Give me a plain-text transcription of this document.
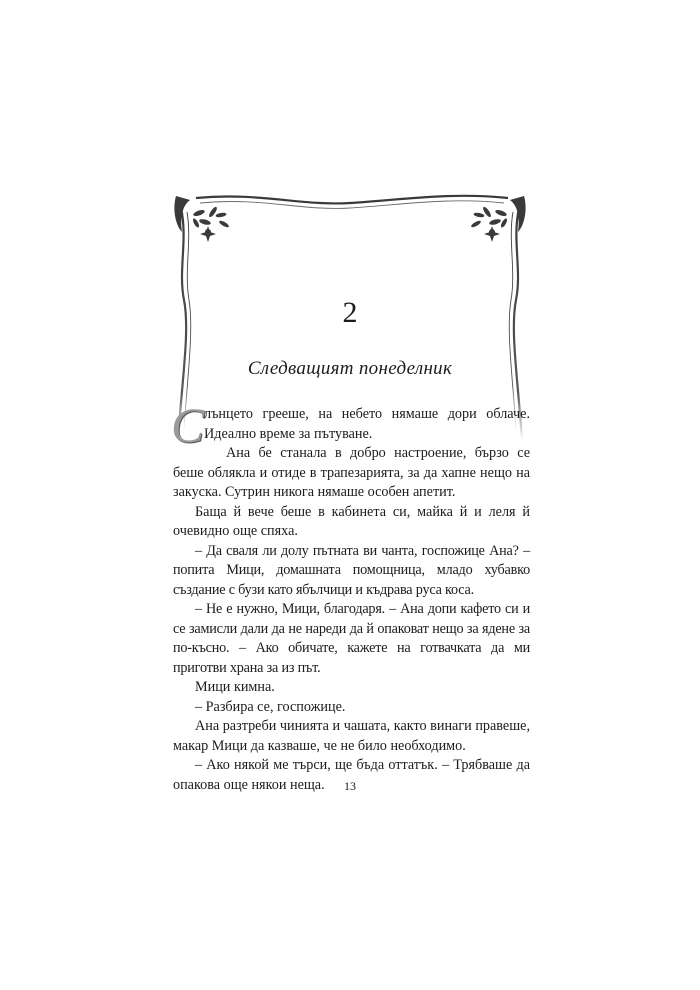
2
Следващият понеделник

Слънцето грееше, на небето нямаше дори облаче. Идеално време за пътуване.

Ана бе станала в добро настроение, бързо се беше облякла и отиде в трапезарията, за да хапне нещо на закуска. Сутрин никога нямаше особен апетит.

Баща й вече беше в кабинета си, майка й и леля й очевидно още спяха.

– Да сваля ли долу пътната ви чанта, госпожице Ана? – попита Мици, домашната помощница, младо хубавко създание с бузи като ябълчици и къдрава руса коса.

– Не е нужно, Мици, благодаря. – Ана допи кафето си и се замисли дали да не нареди да й опаковат нещо за ядене за по-късно. – Ако обичате, кажете на готвачката да ми приготви храна за из път.

Мици кимна.

– Разбира се, госпожице.

Ана разтреби чинията и чашата, както винаги правеше, макар Мици да казваше, че не било необходимо.

– Ако някой ме търси, ще бъда оттатък. – Трябваше да опакова още някои неща.	13
